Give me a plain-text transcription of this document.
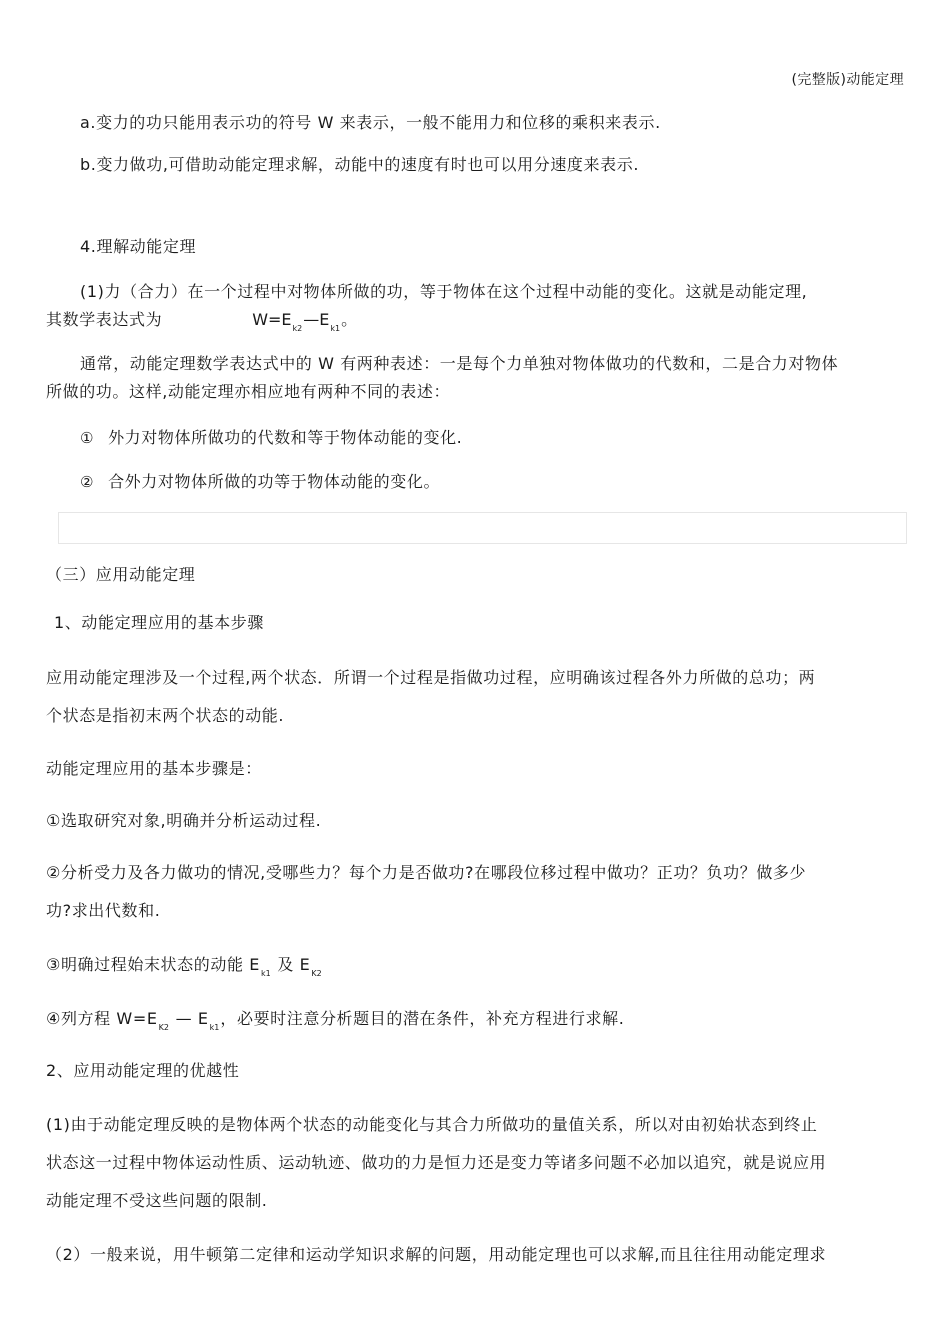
(完整版)动能定理
a.变力的功只能用表示功的符号 W 来表示，一般不能用力和位移的乘积来表示.
b.变力做功,可借助动能定理求解，动能中的速度有时也可以用分速度来表示.
4.理解动能定理
(1)力（合力）在一个过程中对物体所做的功，等于物体在这个过程中动能的变化。这就是动能定理,
其数学表达式为	$W=E_{k2}—E_{k1}$。
通常，动能定理数学表达式中的 W 有两种表述：一是每个力单独对物体做功的代数和，二是合力对物体
所做的功。这样,动能定理亦相应地有两种不同的表述：
① 外力对物体所做功的代数和等于物体动能的变化.
② 合外力对物体所做的功等于物体动能的变化。
（三）应用动能定理
1、动能定理应用的基本步骤
应用动能定理涉及一个过程,两个状态．所谓一个过程是指做功过程，应明确该过程各外力所做的总功；两
个状态是指初末两个状态的动能.
动能定理应用的基本步骤是：
①选取研究对象,明确并分析运动过程.
②分析受力及各力做功的情况,受哪些力？每个力是否做功?在哪段位移过程中做功？正功？负功？做多少
功?求出代数和.
③明确过程始末状态的动能 $E_{k1}$ 及 $E_{K2}$
④列方程 $W=E_{K2}$ — $E_{k1}$，必要时注意分析题目的潜在条件，补充方程进行求解.
2、应用动能定理的优越性
(1)由于动能定理反映的是物体两个状态的动能变化与其合力所做功的量值关系，所以对由初始状态到终止
状态这一过程中物体运动性质、运动轨迹、做功的力是恒力还是变力等诸多问题不必加以追究，就是说应用
动能定理不受这些问题的限制.
（2）一般来说，用牛顿第二定律和运动学知识求解的问题，用动能定理也可以求解,而且往往用动能定理求
